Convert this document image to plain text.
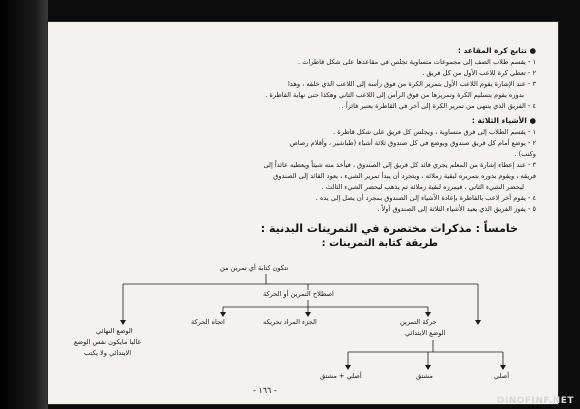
● تتابع كرة المقاعد :
١ - يقسم طلاب الصف إلى مجموعات متساوية تجلس في مقاعدها على شكل قاطرات .
٢ - تعطي كرة للاعب الأول من كل فريق .
٣ - عند الإشارة يقوم اللاعب الأول بتمرير الكرة من فوق رأسه إلى اللاعب الذي خلفه ، وهذا
بدوره يقوم بتسليم الكرة وتمريرها من فوق الرأس إلى اللاعب الثاني وهكذا حتى نهاية القاطرة .
٤ - الفريق الذي ينتهي من تمرير الكرة إلى آخر في القاطرة يعتبر فائزاً .
● الأشياء الثلاثة :
١ - يقسم الطلاب إلى فرق متساوية ، ويجلس كل فريق على شكل قاطرة .
٢ - يوضع أمام كل فريق صندوق ويوضع في كل صندوق ثلاثة أشياء (طباشير ، وأقلام رصاص
وكتب) .
٣ - عند إعطاء إشارة من المعلم يجري قائد كل فريق إلى الصندوق ، فيأخذ منه شيئاً ويعطيه عائداً إلى
فريقه ، ويقوم بدوره بتمريره لبقية زملائه ، ويتجرد أن يبدأ تمرير الشيء ، يعود القائد إلى الصندوق
ليحضر الشيء الثاني ، فيمرره لبقية زملائه ثم يذهب ليحضر الشيء الثالث .
٤ - يقوم آخر لاعب بالقاطرة بإعادة الأشياء إلى الصندوق بمجرد أن يصل إلى يده .
٥ - يفوز الفريق الذي يعيد الأشياء الثلاثة إلى الصندوق أولاً .
خامساً : مذكرات مختصرة في التمرينات البدنية :
طريقة كتابة التمرينات :
تتكون كتابة أي تمرين من
اصطلاح التمرين أو الحركة
حركة التمرين
الجزء المراد تحريكه
اتجاه الحركة
الوضع الابتدائي
أصلي
مشتق
أصلي + مشتق
الوضع النهائي
غالبا مايكون نفس الوضع
الابتدائي ولا يكتب
- ١٦٦ -
DINOFINF.NET
